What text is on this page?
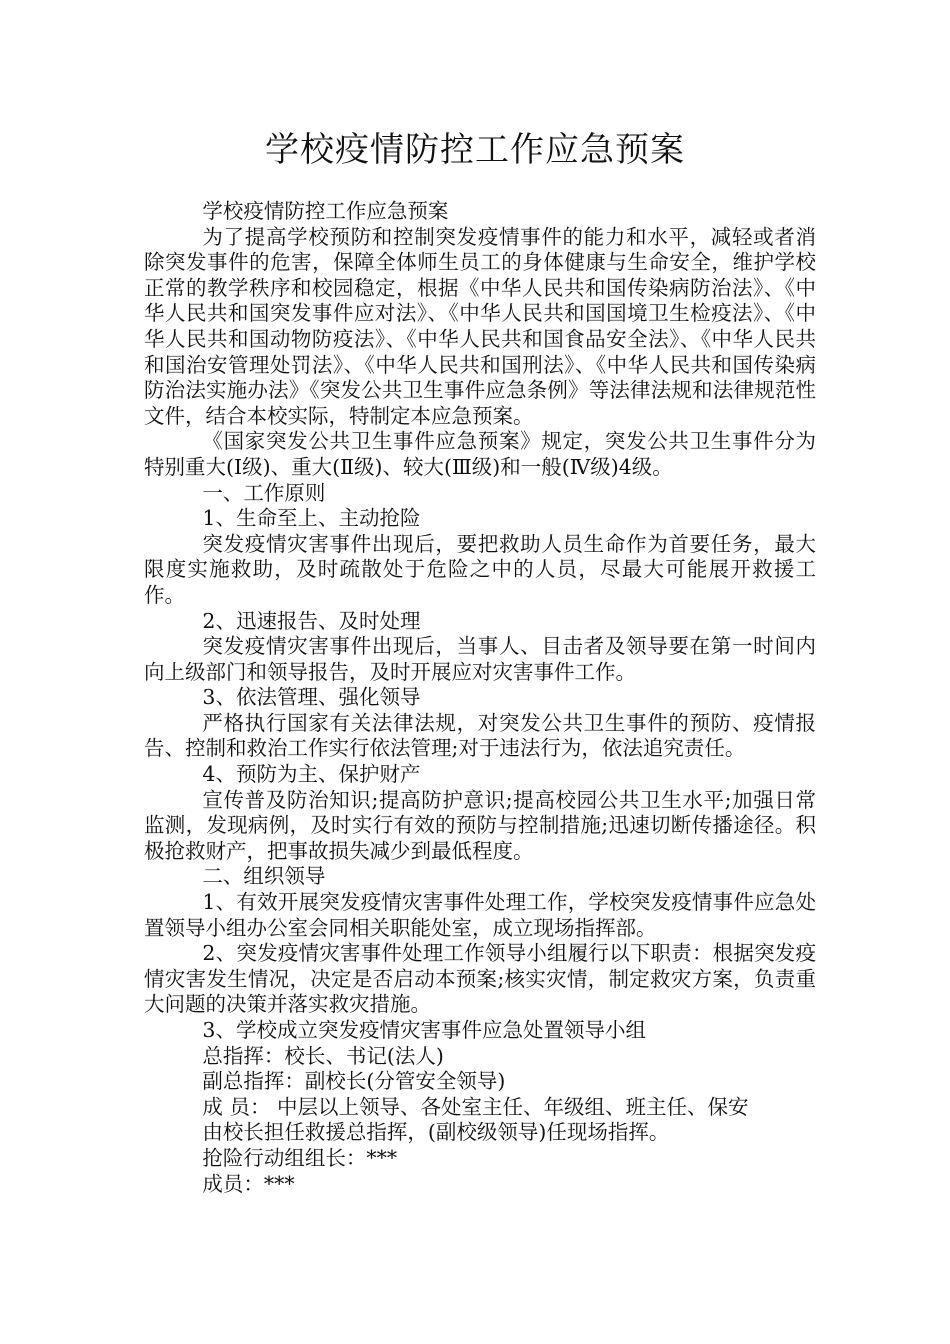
学校疫情防控工作应急预案

学校疫情防控工作应急预案

为了提高学校预防和控制突发疫情事件的能力和水平，减轻或者消除突发事件的危害，保障全体师生员工的身体健康与生命安全，维护学校正常的教学秩序和校园稳定，根据《中华人民共和国传染病防治法》、《中华人民共和国突发事件应对法》、《中华人民共和国国境卫生检疫法》、《中华人民共和国动物防疫法》、《中华人民共和国食品安全法》、《中华人民共和国治安管理处罚法》、《中华人民共和国刑法》、《中华人民共和国传染病防治法实施办法》《突发公共卫生事件应急条例》等法律法规和法律规范性文件，结合本校实际，特制定本应急预案。

《国家突发公共卫生事件应急预案》规定，突发公共卫生事件分为特别重大(Ⅰ级)、重大(Ⅱ级)、较大(Ⅲ级)和一般(Ⅳ级)4级。

一、工作原则

1、生命至上、主动抢险

突发疫情灾害事件出现后，要把救助人员生命作为首要任务，最大限度实施救助，及时疏散处于危险之中的人员，尽最大可能展开救援工作。

2、迅速报告、及时处理

突发疫情灾害事件出现后，当事人、目击者及领导要在第一时间内向上级部门和领导报告，及时开展应对灾害事件工作。

3、依法管理、强化领导

严格执行国家有关法律法规，对突发公共卫生事件的预防、疫情报告、控制和救治工作实行依法管理;对于违法行为，依法追究责任。

4、预防为主、保护财产

宣传普及防治知识;提高防护意识;提高校园公共卫生水平;加强日常监测，发现病例，及时实行有效的预防与控制措施;迅速切断传播途径。积极抢救财产，把事故损失减少到最低程度。

二、组织领导

1、有效开展突发疫情灾害事件处理工作，学校突发疫情事件应急处置领导小组办公室会同相关职能处室，成立现场指挥部。

2、突发疫情灾害事件处理工作领导小组履行以下职责：根据突发疫情灾害发生情况，决定是否启动本预案;核实灾情，制定救灾方案，负责重大问题的决策并落实救灾措施。

3、学校成立突发疫情灾害事件应急处置领导小组

总指挥：校长、书记(法人)

副总指挥：副校长(分管安全领导)

成 员： 中层以上领导、各处室主任、年级组、班主任、保安

由校长担任救援总指挥，(副校级领导)任现场指挥。

抢险行动组组长：***

成员：***
